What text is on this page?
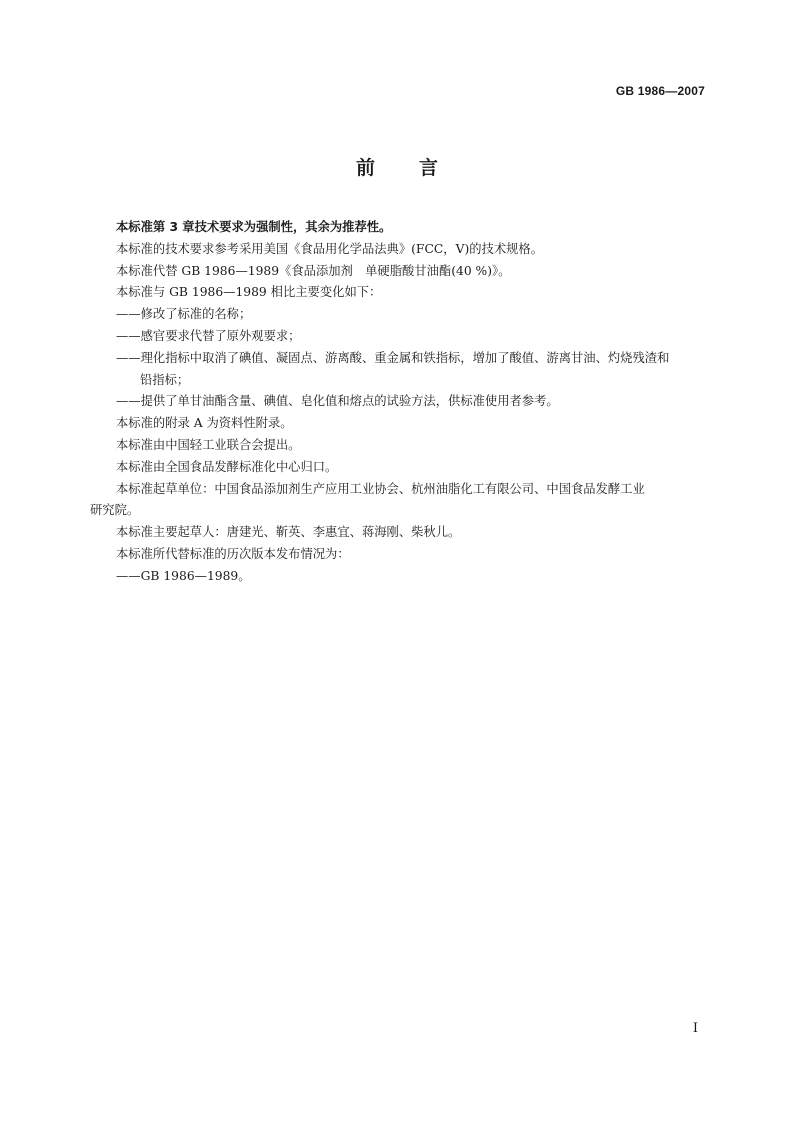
GB 1986—2007
前言
本标准第 3 章技术要求为强制性，其余为推荐性。
本标准的技术要求参考采用美国《食品用化学品法典》(FCC，Ⅴ)的技术规格。
本标准代替 GB 1986—1989《食品添加剂　单硬脂酸甘油酯(40 %)》。
本标准与 GB 1986—1989 相比主要变化如下：
——修改了标准的名称；
——感官要求代替了原外观要求；
——理化指标中取消了碘值、凝固点、游离酸、重金属和铁指标，增加了酸值、游离甘油、灼烧残渣和
铅指标；
——提供了单甘油酯含量、碘值、皂化值和熔点的试验方法，供标准使用者参考。
本标准的附录 A 为资料性附录。
本标准由中国轻工业联合会提出。
本标准由全国食品发酵标准化中心归口。
本标准起草单位：中国食品添加剂生产应用工业协会、杭州油脂化工有限公司、中国食品发酵工业
研究院。
本标准主要起草人：唐建光、靳英、李惠宜、蒋海刚、柴秋儿。
本标准所代替标准的历次版本发布情况为：
——GB 1986—1989。
Ⅰ
